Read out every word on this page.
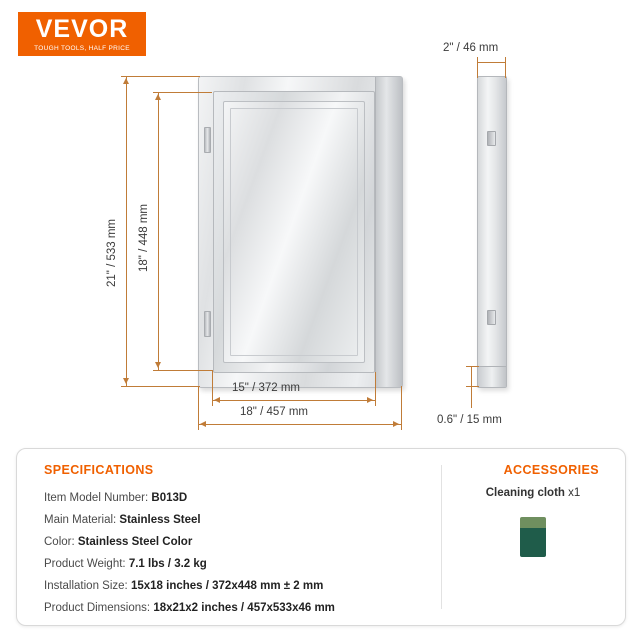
VEVOR
TOUGH TOOLS, HALF PRICE
21" / 533 mm 18" / 448 mm
15" / 372 mm
18" / 457 mm
2" / 46 mm
0.6" / 15 mm
SPECIFICATIONS
Item Model Number: B013D
Main Material: Stainless Steel
Color: Stainless Steel Color
Product Weight: 7.1 lbs / 3.2 kg
Installation Size: 15x18 inches / 372x448 mm ± 2 mm
Product Dimensions: 18x21x2 inches / 457x533x46 mm
ACCESSORIES
Cleaning cloth x1
